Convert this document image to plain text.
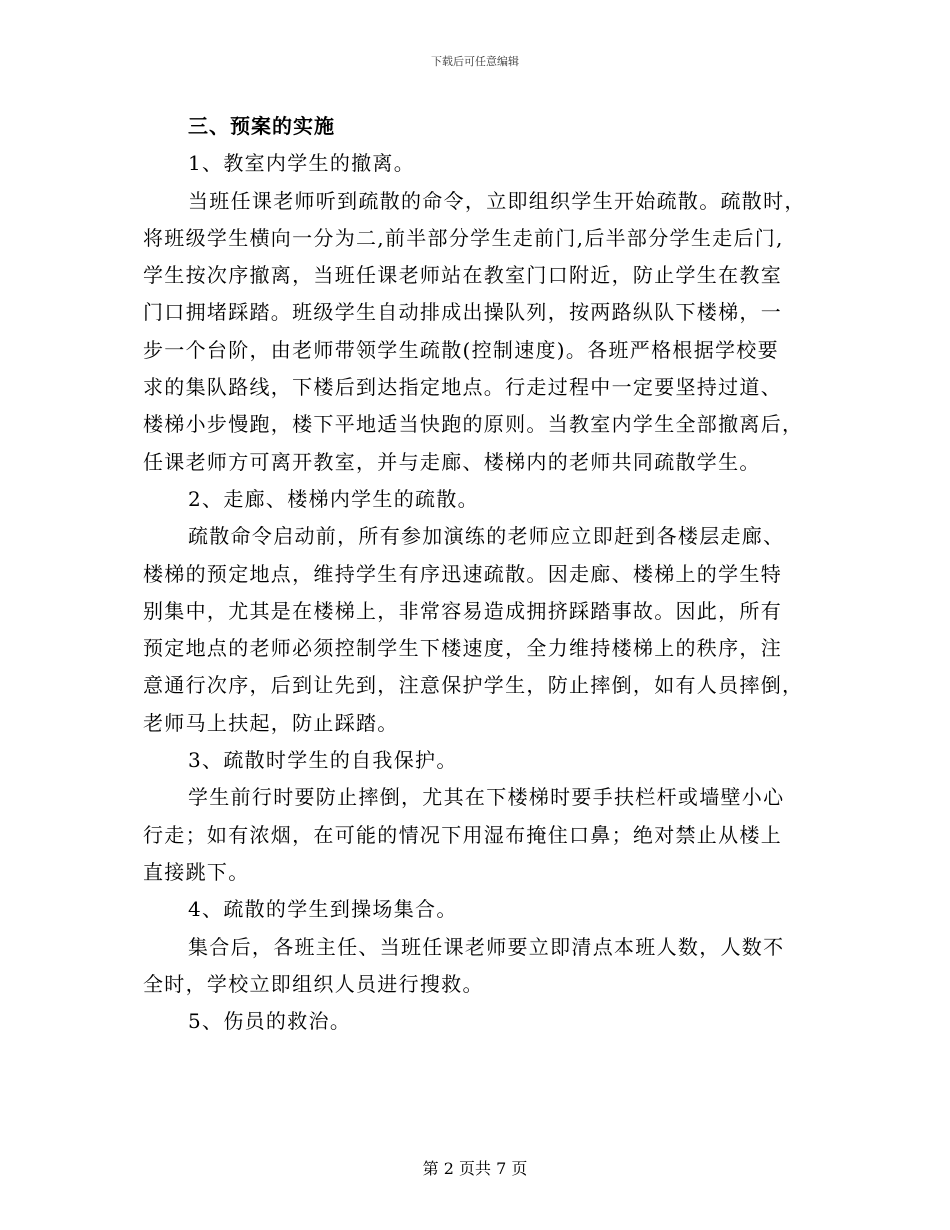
下载后可任意编辑
三、预案的实施
1、教室内学生的撤离。
当班任课老师听到疏散的命令，立即组织学生开始疏散。疏散时，
将班级学生横向一分为二,前半部分学生走前门,后半部分学生走后门,
学生按次序撤离，当班任课老师站在教室门口附近，防止学生在教室
门口拥堵踩踏。班级学生自动排成出操队列，按两路纵队下楼梯，一
步一个台阶，由老师带领学生疏散(控制速度)。各班严格根据学校要
求的集队路线，下楼后到达指定地点。行走过程中一定要坚持过道、
楼梯小步慢跑，楼下平地适当快跑的原则。当教室内学生全部撤离后，
任课老师方可离开教室，并与走廊、楼梯内的老师共同疏散学生。
2、走廊、楼梯内学生的疏散。
疏散命令启动前，所有参加演练的老师应立即赶到各楼层走廊、
楼梯的预定地点，维持学生有序迅速疏散。因走廊、楼梯上的学生特
别集中，尤其是在楼梯上，非常容易造成拥挤踩踏事故。因此，所有
预定地点的老师必须控制学生下楼速度，全力维持楼梯上的秩序，注
意通行次序，后到让先到，注意保护学生，防止摔倒，如有人员摔倒，
老师马上扶起，防止踩踏。
3、疏散时学生的自我保护。
学生前行时要防止摔倒，尤其在下楼梯时要手扶栏杆或墙壁小心
行走；如有浓烟，在可能的情况下用湿布掩住口鼻；绝对禁止从楼上
直接跳下。
4、疏散的学生到操场集合。
集合后，各班主任、当班任课老师要立即清点本班人数，人数不
全时，学校立即组织人员进行搜救。
5、伤员的救治。
第 2 页共 7 页
